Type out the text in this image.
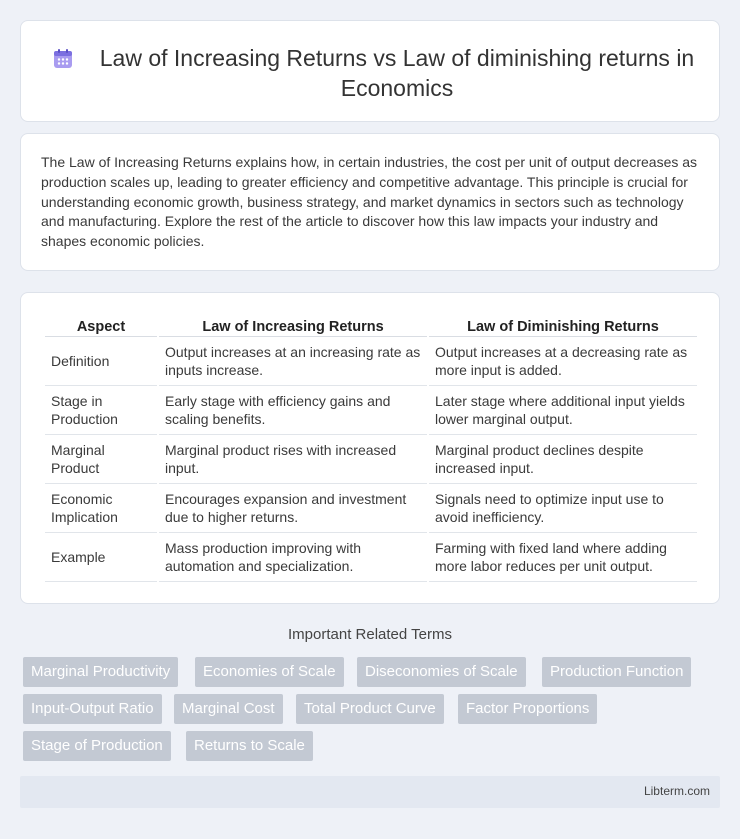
Law of Increasing Returns vs Law of diminishing returns in Economics

The Law of Increasing Returns explains how, in certain industries, the cost per unit of output decreases as production scales up, leading to greater efficiency and competitive advantage. This principle is crucial for understanding economic growth, business strategy, and market dynamics in sectors such as technology and manufacturing. Explore the rest of the article to discover how this law impacts your industry and shapes economic policies.

Aspect	Law of Increasing Returns	Law of Diminishing Returns
Definition	Output increases at an increasing rate as inputs increase.	Output increases at a decreasing rate as more input is added.
Stage in Production	Early stage with efficiency gains and scaling benefits.	Later stage where additional input yields lower marginal output.
Marginal Product	Marginal product rises with increased input.	Marginal product declines despite increased input.
Economic Implication	Encourages expansion and investment due to higher returns.	Signals need to optimize input use to avoid inefficiency.
Example	Mass production improving with automation and specialization.	Farming with fixed land where adding more labor reduces per unit output.
Important Related Terms
Marginal Productivity	Economies of Scale	Diseconomies of Scale	Production Function
Input-Output Ratio	Marginal Cost	Total Product Curve	Factor Proportions
Stage of Production	Returns to Scale
Libterm.com
